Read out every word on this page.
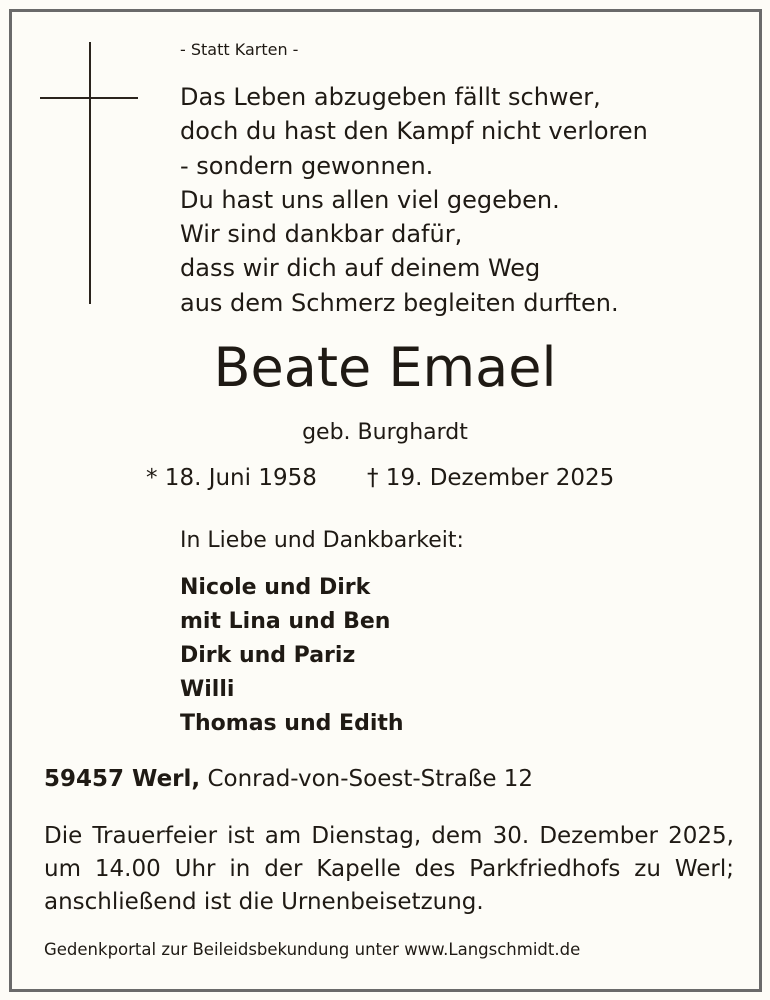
- Statt Karten -

Das Leben abzugeben fällt schwer,
doch du hast den Kampf nicht verloren
- sondern gewonnen.
Du hast uns allen viel gegeben.
Wir sind dankbar dafür,
dass wir dich auf deinem Weg
aus dem Schmerz begleiten durften.

Beate Emael

geb. Burghardt

* 18. Juni 1958 † 19. Dezember 2025

In Liebe und Dankbarkeit:

Nicole und Dirk
mit Lina und Ben
Dirk und Pariz
Willi
Thomas und Edith

59457 Werl, Conrad-von-Soest-Straße 12

Die Trauerfeier ist am Dienstag, dem 30. Dezember 2025,
um 14.00 Uhr in der Kapelle des Parkfriedhofs zu Werl;
anschließend ist die Urnenbeisetzung.

Gedenkportal zur Beileidsbekundung unter www.Langschmidt.de
